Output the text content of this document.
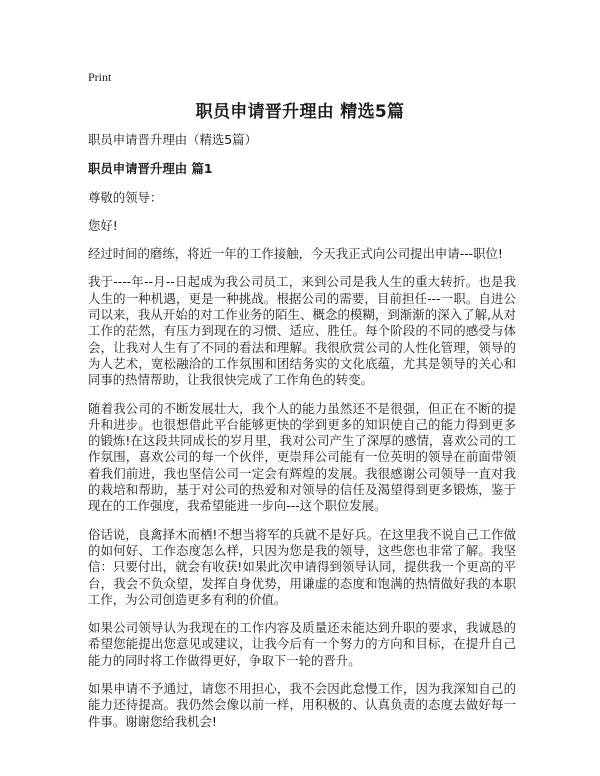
Print
职员申请晋升理由 精选5篇

职员申请晋升理由（精选5篇）

职员申请晋升理由 篇1

尊敬的领导：

您好!

经过时间的磨练，将近一年的工作接触，今天我正式向公司提出申请---职位!

我于----年--月--日起成为我公司员工，来到公司是我人生的重大转折。也是我人生的一种机遇，更是一种挑战。根据公司的需要，目前担任---一职。自进公司以来，我从开始的对工作业务的陌生、概念的模糊，到渐渐的深入了解,从对工作的茫然，有压力到现在的习惯、适应、胜任。每个阶段的不同的感受与体会，让我对人生有了不同的看法和理解。我很欣赏公司的人性化管理，领导的为人艺术，宽松融洽的工作氛围和团结务实的文化底蕴，尤其是领导的关心和同事的热情帮助，让我很快完成了工作角色的转变。

随着我公司的不断发展壮大，我个人的能力虽然还不是很强，但正在不断的提升和进步。也很想借此平台能够更快的学到更多的知识使自己的能力得到更多的锻炼!在这段共同成长的岁月里，我对公司产生了深厚的感情，喜欢公司的工作氛围，喜欢公司的每一个伙伴，更崇拜公司能有一位英明的领导在前面带领着我们前进，我也坚信公司一定会有辉煌的发展。我很感谢公司领导一直对我的栽培和帮助，基于对公司的热爱和对领导的信任及渴望得到更多锻炼，鉴于现在的工作强度，我希望能进一步向---这个职位发展。

俗话说，良禽择木而栖!不想当将军的兵就不是好兵。在这里我不说自己工作做的如何好、工作态度怎么样，只因为您是我的领导，这些您也非常了解。我坚信：只要付出，就会有收获!如果此次申请得到领导认同，提供我一个更高的平台，我会不负众望，发挥自身优势，用谦虚的态度和饱满的热情做好我的本职工作，为公司创造更多有利的价值。

如果公司领导认为我现在的工作内容及质量还未能达到升职的要求，我诚恳的希望您能提出您意见或建议，让我今后有一个努力的方向和目标，在提升自己能力的同时将工作做得更好，争取下一轮的晋升。

如果申请不予通过，请您不用担心，我不会因此怠慢工作，因为我深知自己的能力还待提高。我仍然会像以前一样，用积极的、认真负责的态度去做好每一件事。谢谢您给我机会!
